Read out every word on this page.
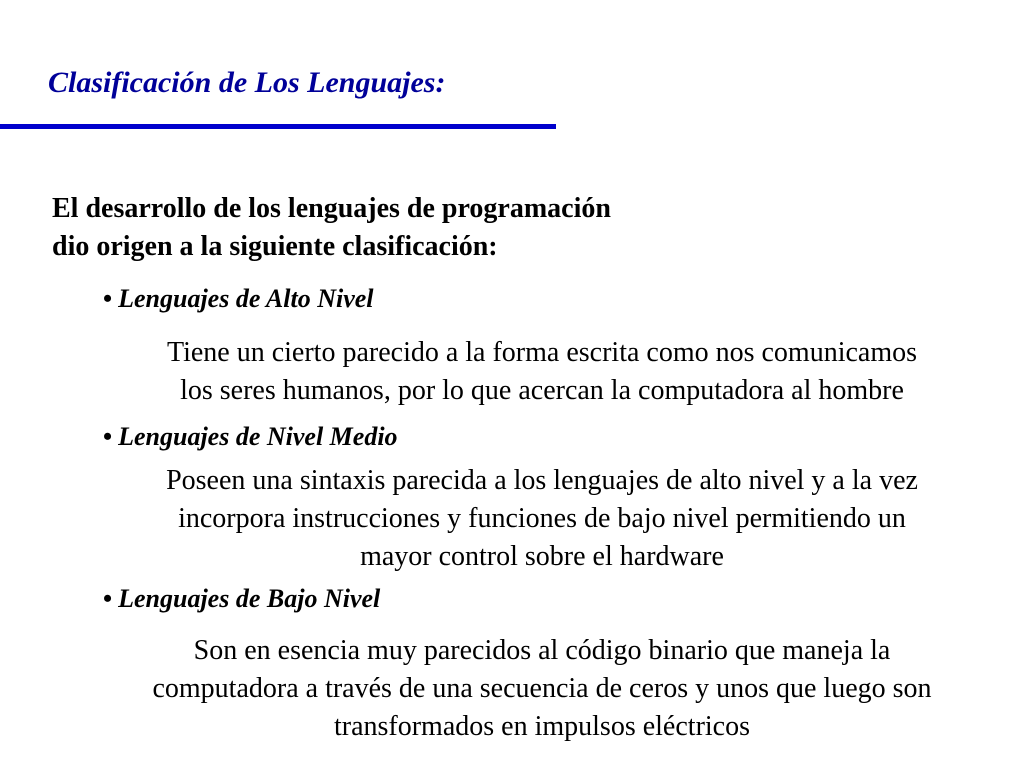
Clasificación de Los Lenguajes:
El desarrollo de los lenguajes de programación
dio origen a la siguiente clasificación:
• Lenguajes de Alto Nivel
Tiene un cierto parecido a la forma escrita como nos comunicamos
los seres humanos, por lo que acercan la computadora al hombre
• Lenguajes de Nivel Medio
Poseen una sintaxis parecida a los lenguajes de alto nivel y a la vez
incorpora instrucciones y funciones de bajo nivel permitiendo un
mayor control sobre el hardware
• Lenguajes de Bajo Nivel
Son en esencia muy parecidos al código binario que maneja la
computadora a través de una secuencia de ceros y unos que luego son
transformados en impulsos eléctricos
